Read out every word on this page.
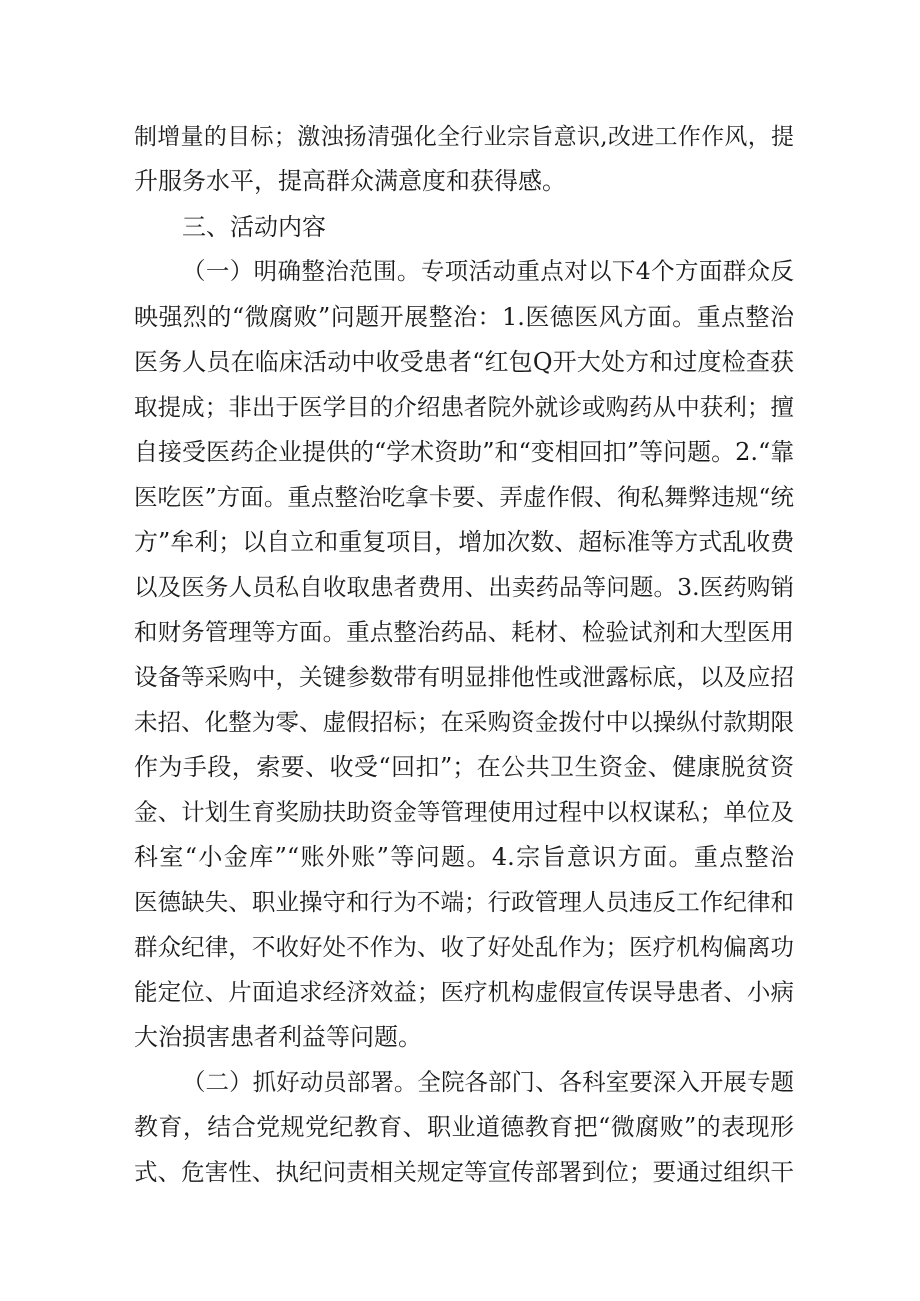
制增量的目标；激浊扬清强化全行业宗旨意识,改进工作作风，提
升服务水平，提高群众满意度和获得感。
三、活动内容
（一）明确整治范围。专项活动重点对以下4个方面群众反
映强烈的“微腐败”问题开展整治：1.医德医风方面。重点整治
医务人员在临床活动中收受患者“红包Q开大处方和过度检查获
取提成；非出于医学目的介绍患者院外就诊或购药从中获利；擅
自接受医药企业提供的“学术资助”和“变相回扣”等问题。2.“靠
医吃医”方面。重点整治吃拿卡要、弄虚作假、徇私舞弊违规“统
方”牟利；以自立和重复项目，增加次数、超标准等方式乱收费
以及医务人员私自收取患者费用、出卖药品等问题。3.医药购销
和财务管理等方面。重点整治药品、耗材、检验试剂和大型医用
设备等采购中，关键参数带有明显排他性或泄露标底，以及应招
未招、化整为零、虚假招标；在采购资金拨付中以操纵付款期限
作为手段，索要、收受“回扣”；在公共卫生资金、健康脱贫资
金、计划生育奖励扶助资金等管理使用过程中以权谋私；单位及
科室“小金库”“账外账”等问题。4.宗旨意识方面。重点整治
医德缺失、职业操守和行为不端；行政管理人员违反工作纪律和
群众纪律，不收好处不作为、收了好处乱作为；医疗机构偏离功
能定位、片面追求经济效益；医疗机构虚假宣传误导患者、小病
大治损害患者利益等问题。
（二）抓好动员部署。全院各部门、各科室要深入开展专题
教育，结合党规党纪教育、职业道德教育把“微腐败”的表现形
式、危害性、执纪问责相关规定等宣传部署到位；要通过组织干
